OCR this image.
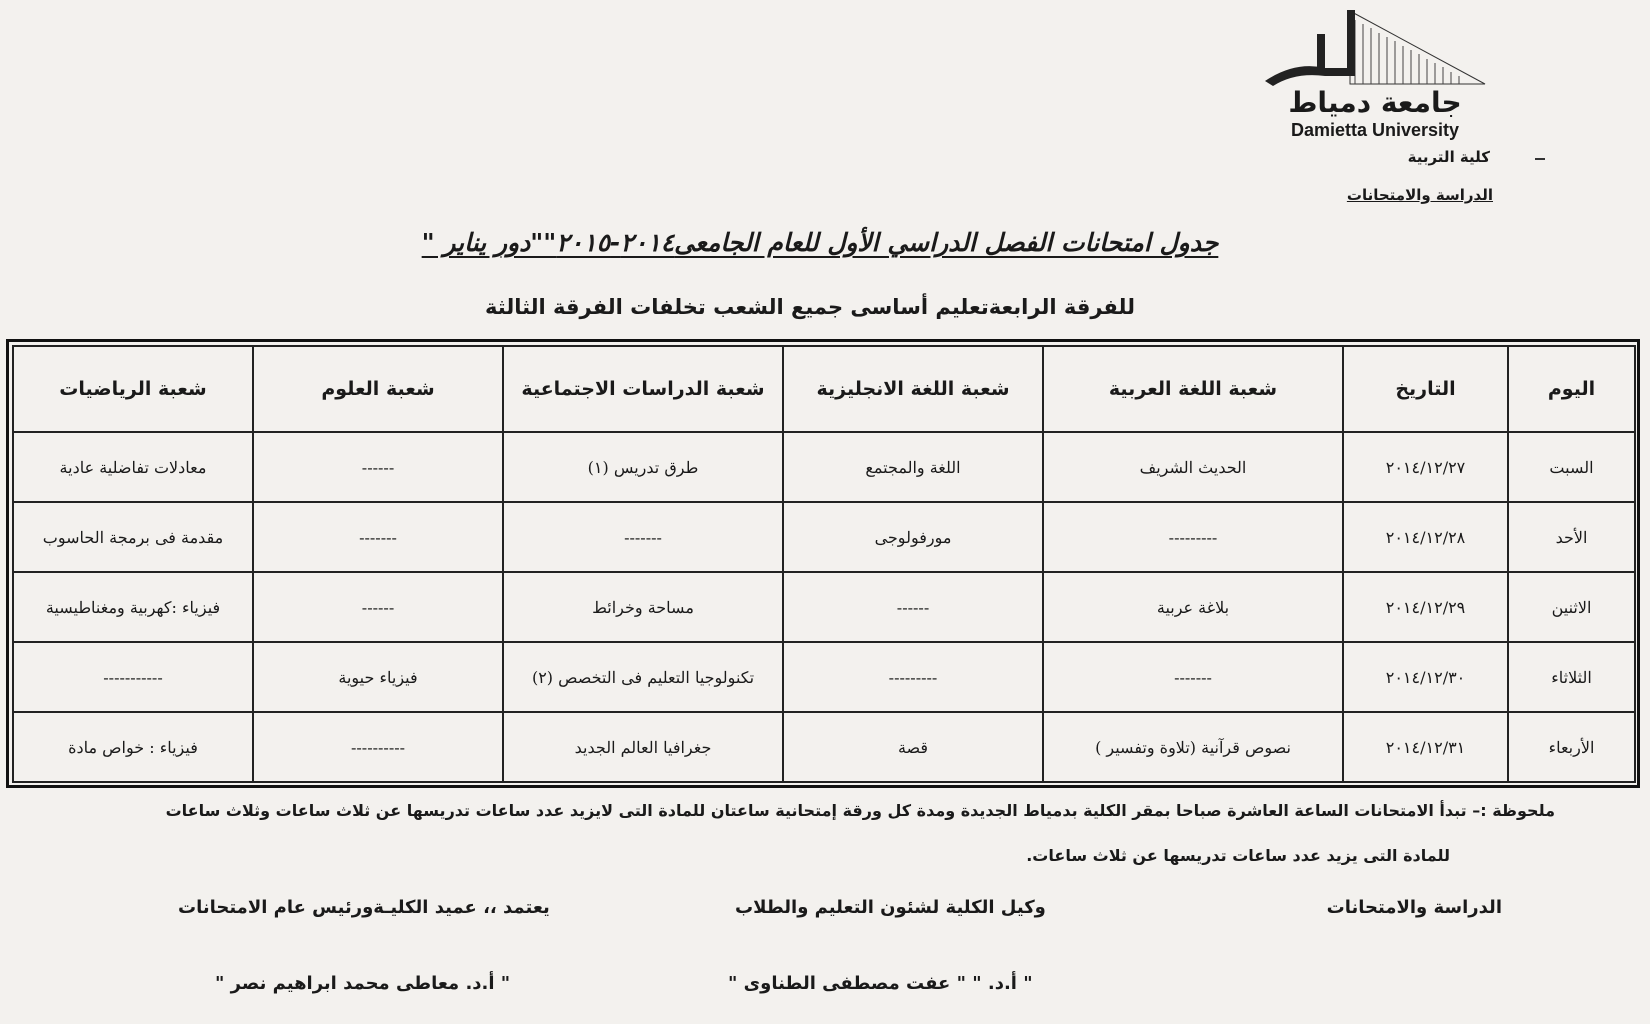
جامعة دمياط
Damietta University
كلية التربية
الدراسة والامتحانات
جدول امتحانات الفصل الدراسي الأول للعام الجامعى٢٠١٤-٢٠١٥""دور يناير "
للفرقة الرابعةتعليم أساسى جميع الشعب تخلفات الفرقة الثالثة
اليوم	التاريخ	شعبة اللغة العربية	شعبة اللغة الانجليزية	شعبة الدراسات الاجتماعية	شعبة العلوم	شعبة الرياضيات
السبت	٢٠١٤/١٢/٢٧	الحديث الشريف	اللغة والمجتمع	طرق تدريس (١)	------	معادلات تفاضلية عادية
الأحد	٢٠١٤/١٢/٢٨	---------	مورفولوجى	-------	-------	مقدمة فى برمجة الحاسوب
الاثنين	٢٠١٤/١٢/٢٩	بلاغة عربية	------	مساحة وخرائط	------	فيزياء :كهربية ومغناطيسية
الثلاثاء	٢٠١٤/١٢/٣٠	-------	---------	تكنولوجيا التعليم فى التخصص (٢)	فيزياء حيوية	-----------
الأربعاء	٢٠١٤/١٢/٣١	نصوص قرآنية (تلاوة وتفسير )	قصة	جغرافيا العالم الجديد	----------	فيزياء : خواص مادة
ملحوظة :– تبدأ الامتحانات الساعة العاشرة صباحا بمقر الكلية بدمياط الجديدة ومدة كل ورقة إمتحانية ساعتان للمادة التى لايزيد عدد ساعات تدريسها عن ثلاث ساعات وثلاث ساعات
للمادة التى يزيد عدد ساعات تدريسها عن ثلاث ساعات.
الدراسة والامتحانات
وكيل الكلية لشئون التعليم والطلاب
يعتمد ،، عميد الكليـةورئيس عام الامتحانات
" أ.د. " " عفت مصطفى الطناوى "
" أ.د. معاطى محمد ابراهيم نصر "
